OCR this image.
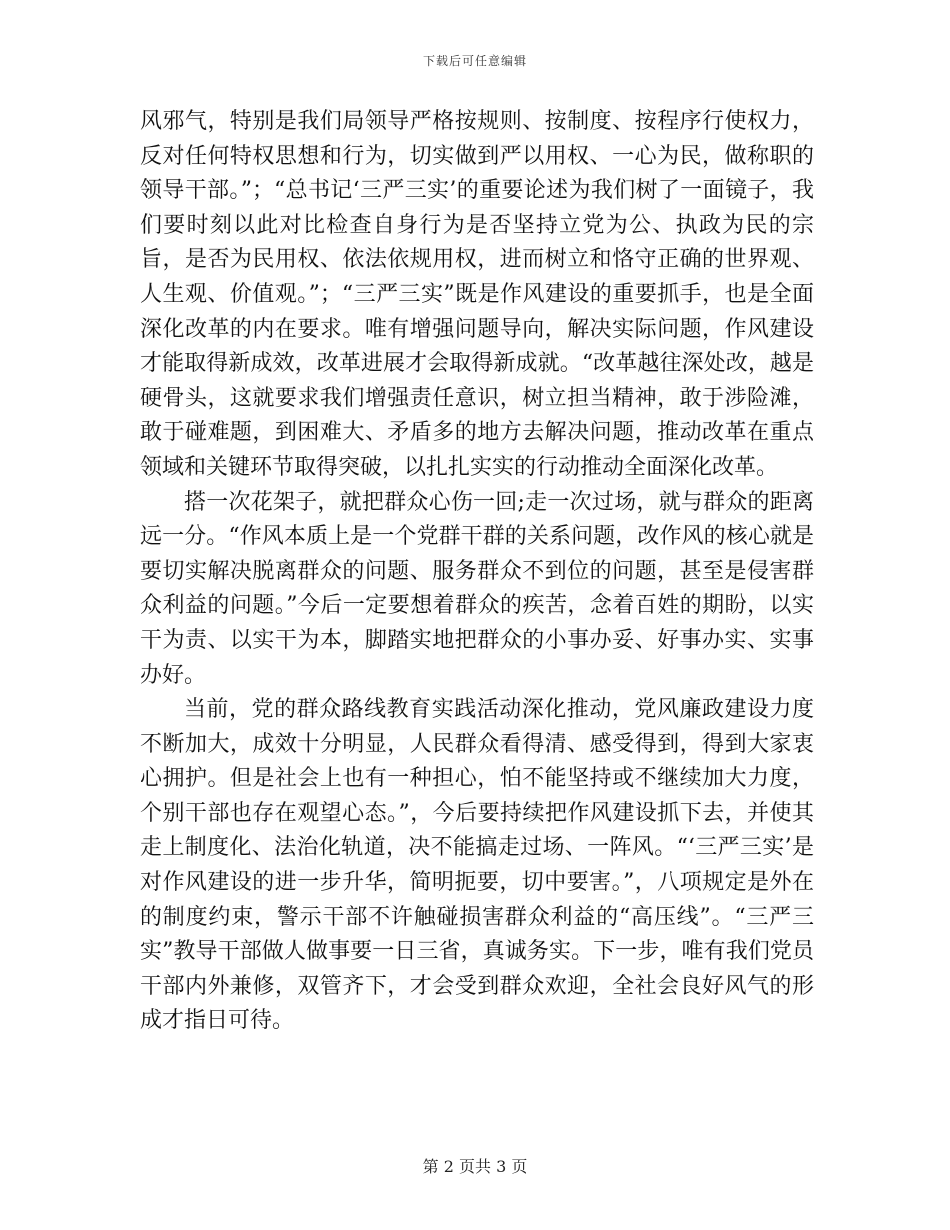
下载后可任意编辑

风邪气，特别是我们局领导严格按规则、按制度、按程序行使权力，反对任何特权思想和行为，切实做到严以用权、一心为民，做称职的领导干部。”；“总书记‘三严三实’的重要论述为我们树了一面镜子，我们要时刻以此对比检查自身行为是否坚持立党为公、执政为民的宗旨，是否为民用权、依法依规用权，进而树立和恪守正确的世界观、人生观、价值观。”；“三严三实”既是作风建设的重要抓手，也是全面深化改革的内在要求。唯有增强问题导向，解决实际问题，作风建设才能取得新成效，改革进展才会取得新成就。“改革越往深处改，越是硬骨头，这就要求我们增强责任意识，树立担当精神，敢于涉险滩，敢于碰难题，到困难大、矛盾多的地方去解决问题，推动改革在重点领域和关键环节取得突破，以扎扎实实的行动推动全面深化改革。

搭一次花架子，就把群众心伤一回;走一次过场，就与群众的距离远一分。“作风本质上是一个党群干群的关系问题，改作风的核心就是要切实解决脱离群众的问题、服务群众不到位的问题，甚至是侵害群众利益的问题。”今后一定要想着群众的疾苦，念着百姓的期盼，以实干为责、以实干为本，脚踏实地把群众的小事办妥、好事办实、实事办好。

当前，党的群众路线教育实践活动深化推动，党风廉政建设力度不断加大，成效十分明显，人民群众看得清、感受得到，得到大家衷心拥护。但是社会上也有一种担心，怕不能坚持或不继续加大力度，个别干部也存在观望心态。”，今后要持续把作风建设抓下去，并使其走上制度化、法治化轨道，决不能搞走过场、一阵风。“‘三严三实’是对作风建设的进一步升华，简明扼要，切中要害。”，八项规定是外在的制度约束，警示干部不许触碰损害群众利益的“高压线”。“三严三实”教导干部做人做事要一日三省，真诚务实。下一步，唯有我们党员干部内外兼修，双管齐下，才会受到群众欢迎，全社会良好风气的形成才指日可待。

第 2 页共 3 页
